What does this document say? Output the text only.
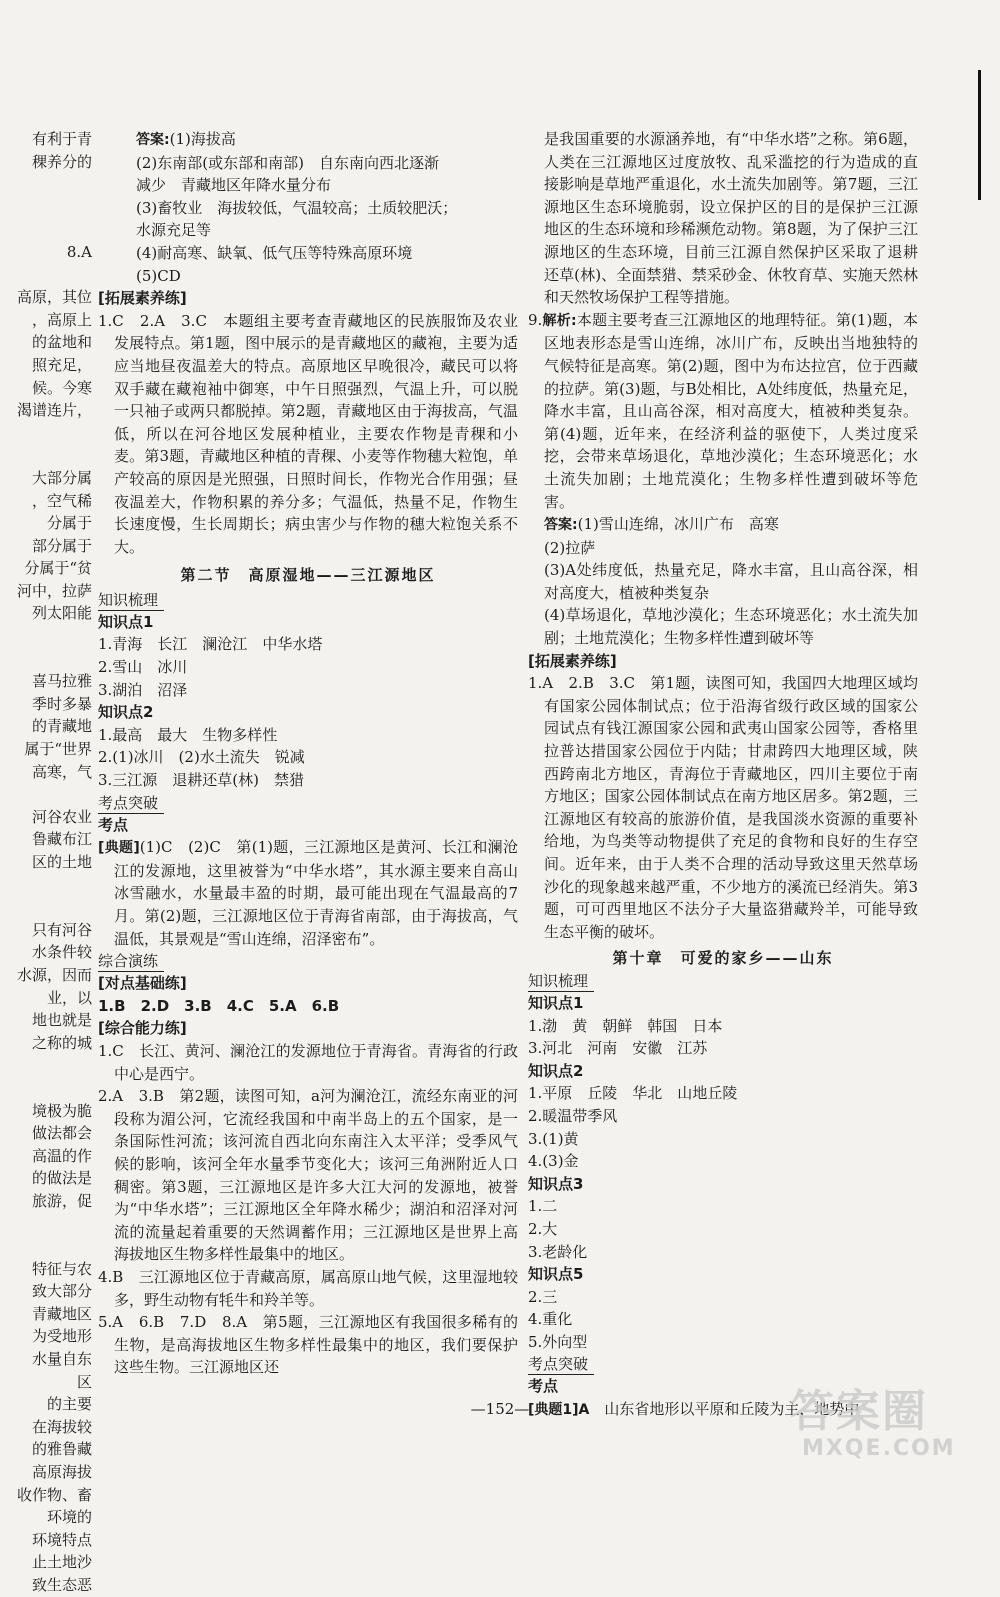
有利于青

稞养分的

8.A

高原，其位

，高原上

的盆地和

照充足，

候。今寒

渴谱连片，

大部分属

，空气稀

分属于

部分属于

分属于“贫

河中，拉萨

列太阳能

喜马拉雅

季时多暴

的青藏地

属于“世界

高寒，气

河谷农业

鲁藏布江

区的土地

只有河谷

水条件较

水源，因而

业，以

地也就是

之称的城

境极为脆

做法都会

高温的作

的做法是

旅游，促

特征与农

致大部分

青藏地区

为受地形

水量自东

区

的主要

在海拔较

的雅鲁藏

高原海拔

收作物、畜

环境的

环境特点

止土地沙

致生态恶

答案:(1)海拔高

(2)东南部(或东部和南部)　自东南向西北逐渐

减少　青藏地区年降水量分布

(3)畜牧业　海拔较低，气温较高；土质较肥沃；

水源充足等

(4)耐高寒、缺氧、低气压等特殊高原环境

(5)CD

[拓展素养练]

1.C　2.A　3.C　本题组主要考查青藏地区的民族服饰及农业发展特点。第1题，图中展示的是青藏地区的藏袍，主要为适应当地昼夜温差大的特点。高原地区早晚很冷，藏民可以将双手藏在藏袍袖中御寒，中午日照强烈，气温上升，可以脱一只袖子或两只都脱掉。第2题，青藏地区由于海拔高，气温低，所以在河谷地区发展种植业，主要农作物是青稞和小麦。第3题，青藏地区种植的青稞、小麦等作物穗大粒饱，单产较高的原因是光照强，日照时间长，作物光合作用强；昼夜温差大，作物积累的养分多；气温低，热量不足，作物生长速度慢，生长周期长；病虫害少与作物的穗大粒饱关系不大。

第二节　高原湿地——三江源地区

知识梳理

知识点1

1.青海　长江　澜沧江　中华水塔

2.雪山　冰川

3.湖泊　沼泽

知识点2

1.最高　最大　生物多样性

2.(1)冰川　(2)水土流失　锐减

3.三江源　退耕还草(林)　禁猎

考点突破

考点

[典题](1)C　(2)C　第(1)题，三江源地区是黄河、长江和澜沧江的发源地，这里被誉为“中华水塔”，其水源主要来自高山冰雪融水，水量最丰盈的时期，最可能出现在气温最高的7月。第(2)题，三江源地区位于青海省南部，由于海拔高，气温低，其景观是“雪山连绵，沼泽密布”。

综合演练

[对点基础练]

1.B　2.D　3.B　4.C　5.A　6.B

[综合能力练]

1.C　长江、黄河、澜沧江的发源地位于青海省。青海省的行政中心是西宁。

2.A　3.B　第2题，读图可知，a河为澜沧江，流经东南亚的河段称为湄公河，它流经我国和中南半岛上的五个国家，是一条国际性河流；该河流自西北向东南注入太平洋；受季风气候的影响，该河全年水量季节变化大；该河三角洲附近人口稠密。第3题，三江源地区是许多大江大河的发源地，被誉为“中华水塔”；三江源地区全年降水稀少；湖泊和沼泽对河流的流量起着重要的天然调蓄作用；三江源地区是世界上高海拔地区生物多样性最集中的地区。

4.B　三江源地区位于青藏高原，属高原山地气候，这里湿地较多，野生动物有牦牛和羚羊等。

5.A　6.B　7.D　8.A　第5题，三江源地区有我国很多稀有的生物，是高海拔地区生物多样性最集中的地区，我们要保护这些生物。三江源地区还

是我国重要的水源涵养地，有“中华水塔”之称。第6题，人类在三江源地区过度放牧、乱采滥挖的行为造成的直接影响是草地严重退化，水土流失加剧等。第7题，三江源地区生态环境脆弱，设立保护区的目的是保护三江源地区的生态环境和珍稀濒危动物。第8题，为了保护三江源地区的生态环境，目前三江源自然保护区采取了退耕还草(林)、全面禁猎、禁采砂金、休牧育草、实施天然林和天然牧场保护工程等措施。

9.解析:本题主要考查三江源地区的地理特征。第(1)题，本区地表形态是雪山连绵，冰川广布，反映出当地独特的气候特征是高寒。第(2)题，图中为布达拉宫，位于西藏的拉萨。第(3)题，与B处相比，A处纬度低，热量充足，降水丰富，且山高谷深，相对高度大，植被种类复杂。第(4)题，近年来，在经济利益的驱使下，人类过度采挖，会带来草场退化，草地沙漠化；生态环境恶化；水土流失加剧；土地荒漠化；生物多样性遭到破坏等危害。

答案:(1)雪山连绵，冰川广布　高寒

(2)拉萨

(3)A处纬度低，热量充足，降水丰富，且山高谷深，相对高度大，植被种类复杂

(4)草场退化，草地沙漠化；生态环境恶化；水土流失加剧；土地荒漠化；生物多样性遭到破坏等

[拓展素养练]

1.A　2.B　3.C　第1题，读图可知，我国四大地理区域均有国家公园体制试点；位于沿海省级行政区域的国家公园试点有钱江源国家公园和武夷山国家公园等，香格里拉普达措国家公园位于内陆；甘肃跨四大地理区域，陕西跨南北方地区，青海位于青藏地区，四川主要位于南方地区；国家公园体制试点在南方地区居多。第2题，三江源地区有较高的旅游价值，是我国淡水资源的重要补给地，为鸟类等动物提供了充足的食物和良好的生存空间。近年来，由于人类不合理的活动导致这里天然草场沙化的现象越来越严重，不少地方的溪流已经消失。第3题，可可西里地区不法分子大量盗猎藏羚羊，可能导致生态平衡的破坏。

第十章　可爱的家乡——山东

知识梳理

知识点1

1.渤　黄　朝鲜　韩国　日本

3.河北　河南　安徽　江苏

知识点2

1.平原　丘陵　华北　山地丘陵

2.暖温带季风

3.(1)黄

4.(3)金

知识点3

1.二

2.大

3.老龄化

知识点5

2.三

4.重化

5.外向型

考点突破

考点

[典题1]A　山东省地形以平原和丘陵为主，地势中

—152—	答案圈
MXQE.COM
